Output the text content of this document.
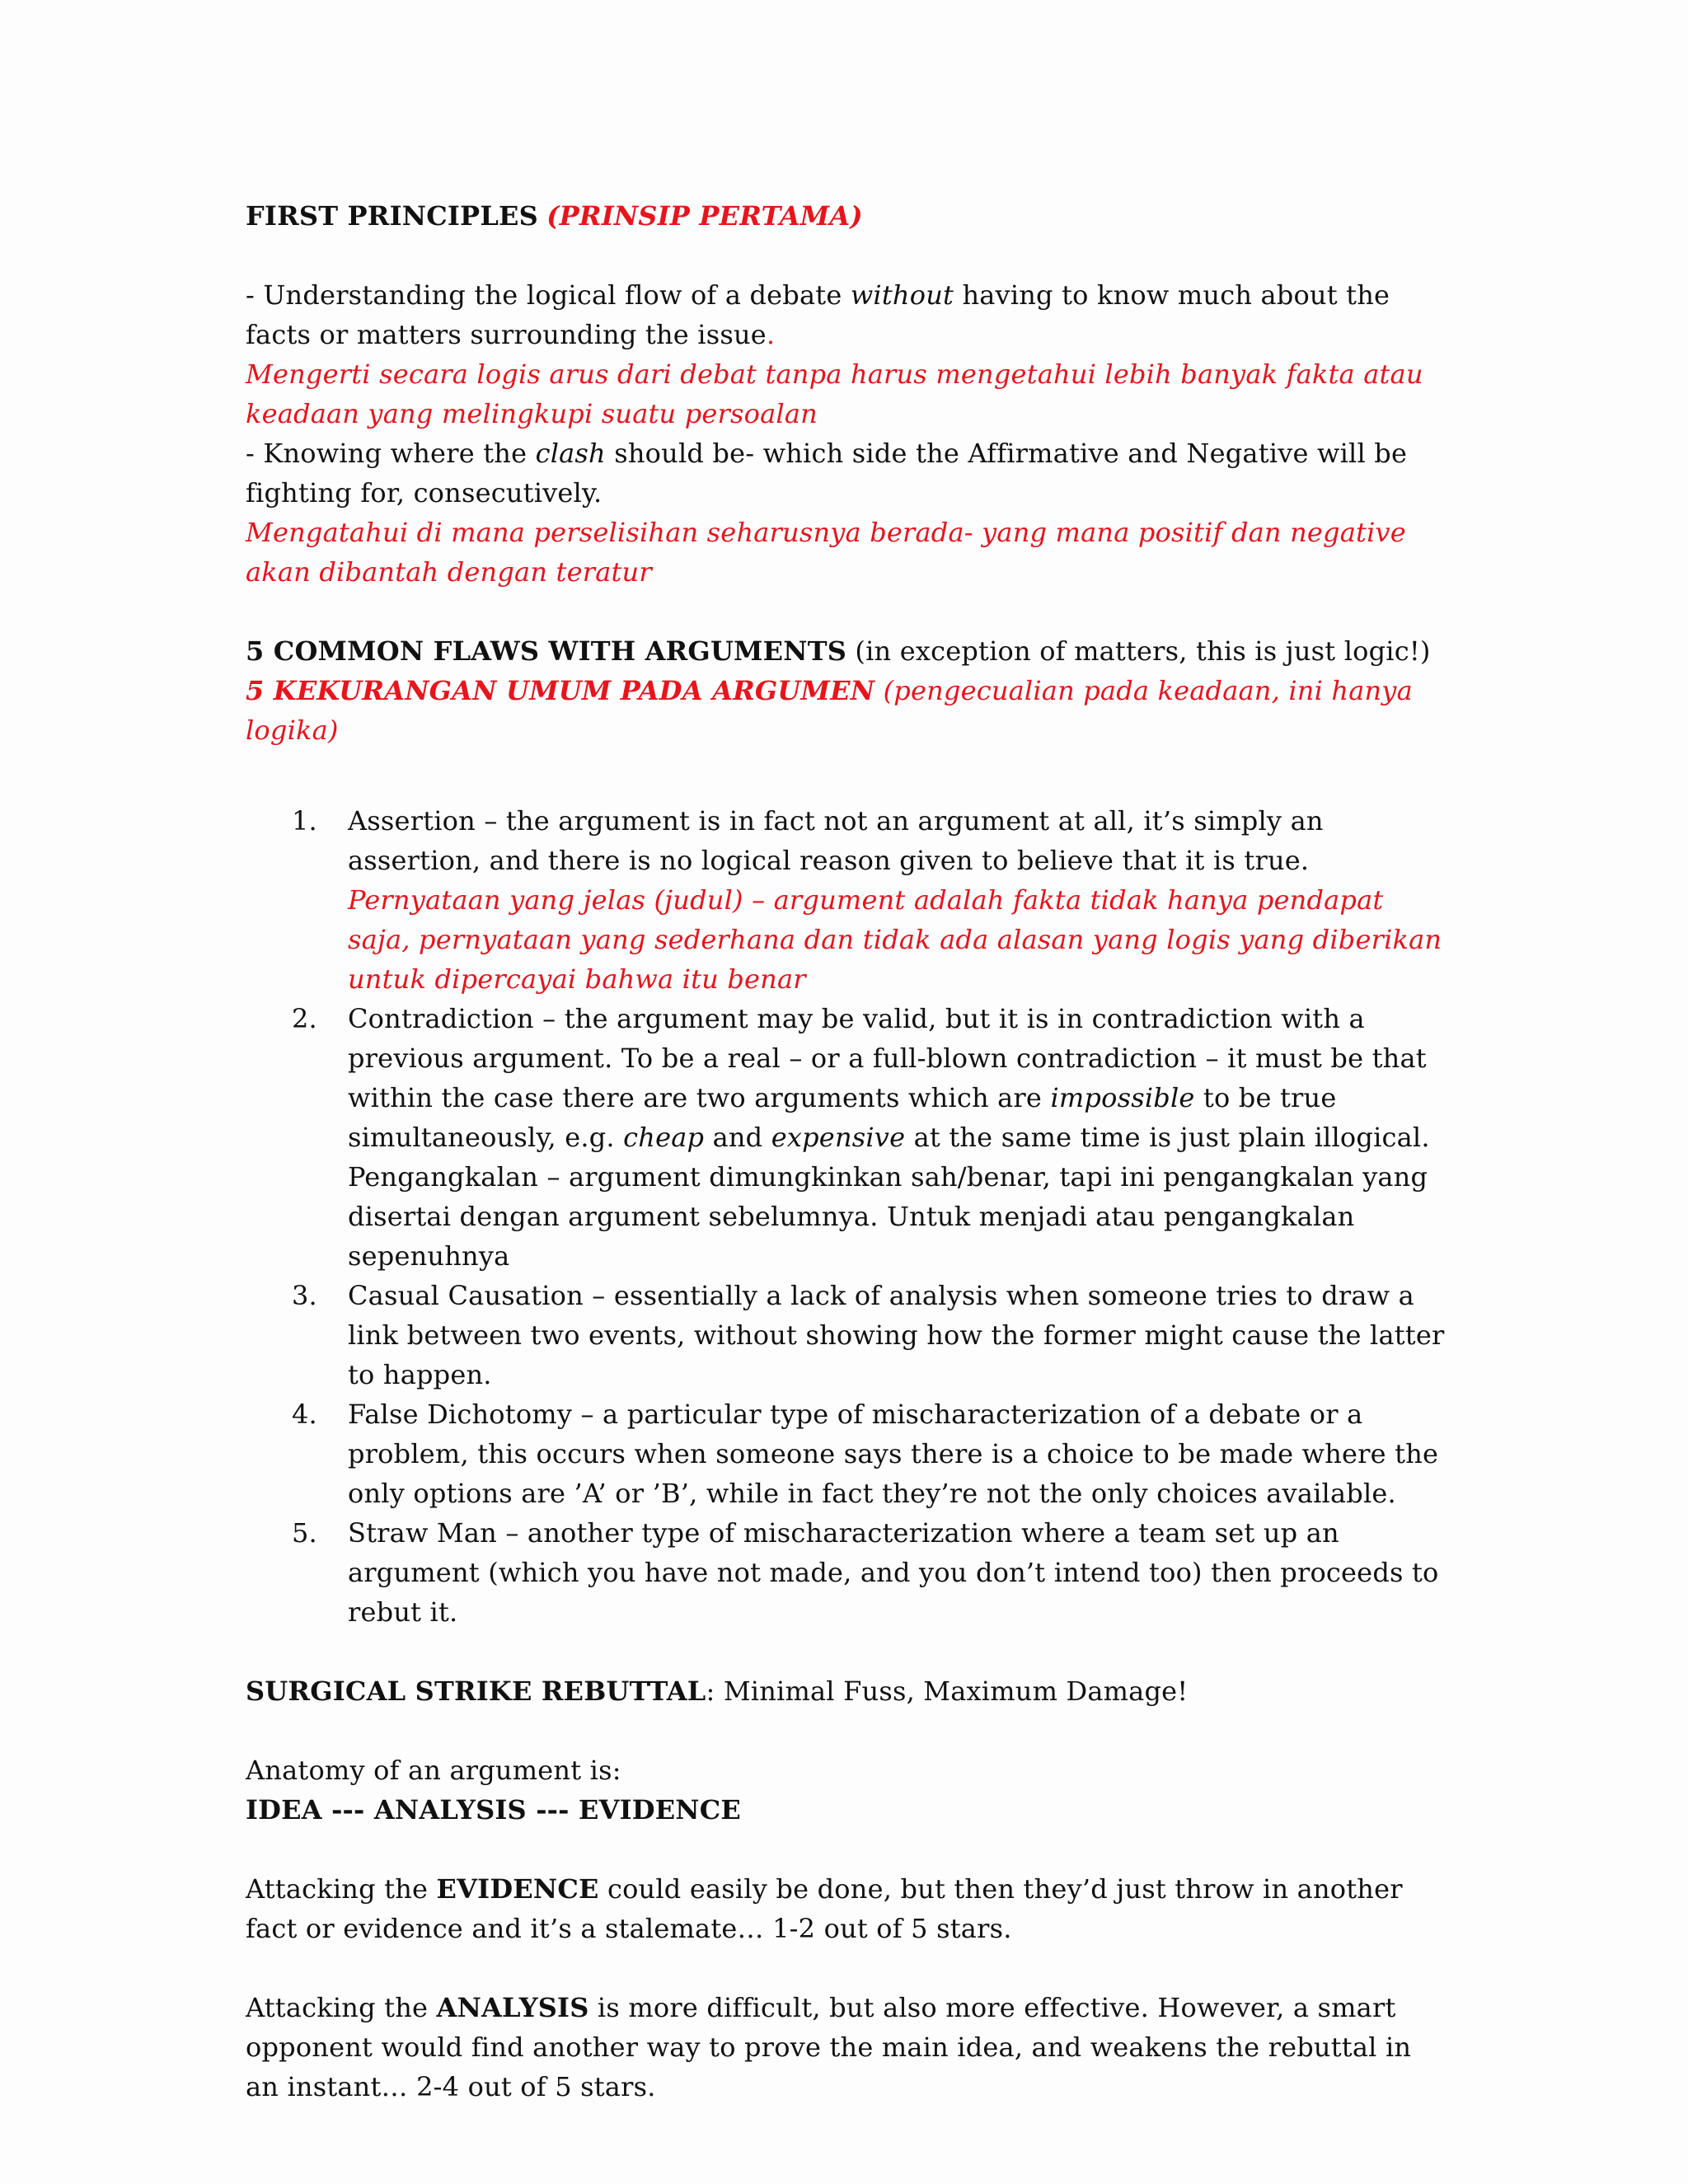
FIRST PRINCIPLES (PRINSIP PERTAMA)

- Understanding the logical flow of a debate without having to know much about the facts or matters surrounding the issue.

Mengerti secara logis arus dari debat tanpa harus mengetahui lebih banyak fakta atau keadaan yang melingkupi suatu persoalan

- Knowing where the clash should be- which side the Affirmative and Negative will be fighting for, consecutively.

Mengatahui di mana perselisihan seharusnya berada- yang mana positif dan negative akan dibantah dengan teratur

5 COMMON FLAWS WITH ARGUMENTS (in exception of matters, this is just logic!)

5 KEKURANGAN UMUM PADA ARGUMEN (pengecualian pada keadaan, ini hanya logika)

1.	Assertion – the argument is in fact not an argument at all, it’s simply an assertion, and there is no logical reason given to believe that it is true.

Pernyataan yang jelas (judul) – argument adalah fakta tidak hanya pendapat saja, pernyataan yang sederhana dan tidak ada alasan yang logis yang diberikan untuk dipercayai bahwa itu benar

2.	Contradiction – the argument may be valid, but it is in contradiction with a previous argument. To be a real – or a full-blown contradiction – it must be that within the case there are two arguments which are impossible to be true simultaneously, e.g. cheap and expensive at the same time is just plain illogical.

Pengangkalan – argument dimungkinkan sah/benar, tapi ini pengangkalan yang disertai dengan argument sebelumnya. Untuk menjadi atau pengangkalan sepenuhnya

3.	Casual Causation – essentially a lack of analysis when someone tries to draw a link between two events, without showing how the former might cause the latter to happen.

4.	False Dichotomy – a particular type of mischaracterization of a debate or a problem, this occurs when someone says there is a choice to be made where the only options are ’A’ or ’B’, while in fact they’re not the only choices available.

5.	Straw Man – another type of mischaracterization where a team set up an argument (which you have not made, and you don’t intend too) then proceeds to rebut it.

SURGICAL STRIKE REBUTTAL: Minimal Fuss, Maximum Damage!

Anatomy of an argument is:

IDEA --- ANALYSIS --- EVIDENCE

Attacking the EVIDENCE could easily be done, but then they’d just throw in another fact or evidence and it’s a stalemate… 1-2 out of 5 stars.

Attacking the ANALYSIS is more difficult, but also more effective. However, a smart opponent would find another way to prove the main idea, and weakens the rebuttal in an instant… 2-4 out of 5 stars.
